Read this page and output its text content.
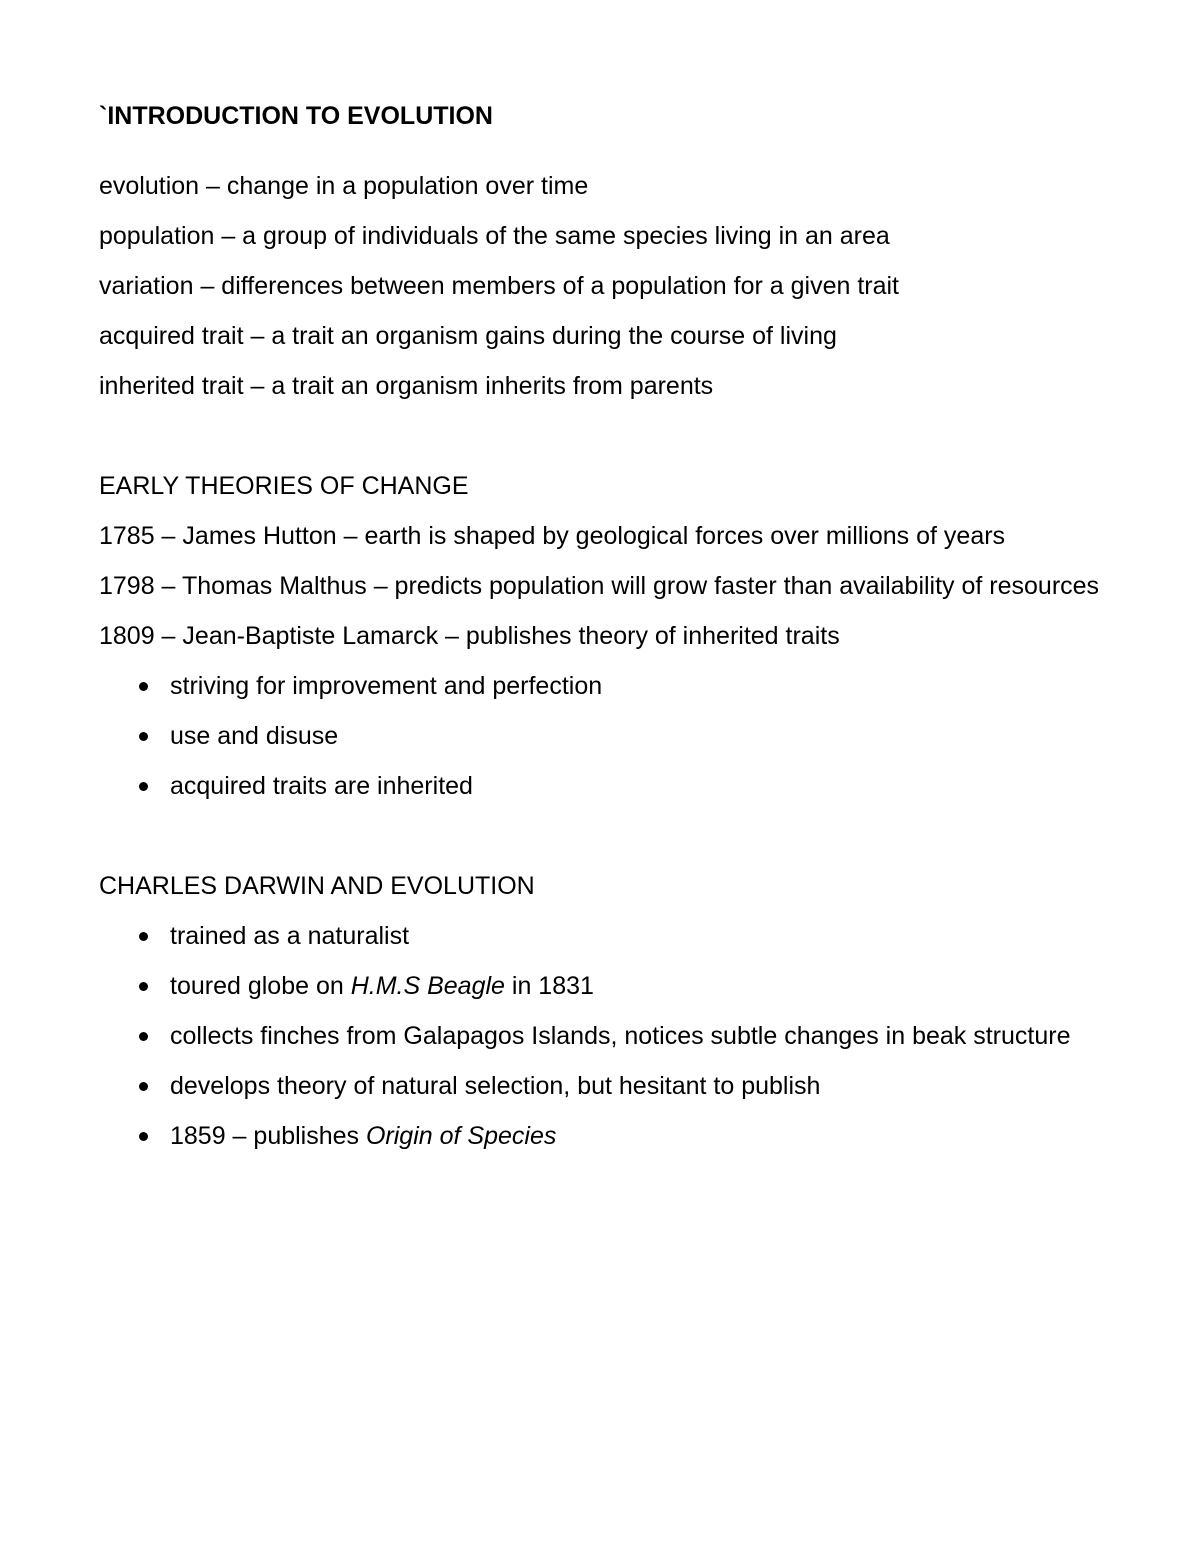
`INTRODUCTION TO EVOLUTION

evolution – change in a population over time

population – a group of individuals of the same species living in an area

variation – differences between members of a population for a given trait

acquired trait – a trait an organism gains during the course of living

inherited trait – a trait an organism inherits from parents

EARLY THEORIES OF CHANGE

1785 – James Hutton – earth is shaped by geological forces over millions of years

1798 – Thomas Malthus – predicts population will grow faster than availability of resources

1809 – Jean-Baptiste Lamarck – publishes theory of inherited traits

striving for improvement and perfection
use and disuse
acquired traits are inherited

CHARLES DARWIN AND EVOLUTION

trained as a naturalist
toured globe on H.M.S Beagle in 1831
collects finches from Galapagos Islands, notices subtle changes in beak structure
develops theory of natural selection, but hesitant to publish
1859 – publishes Origin of Species
